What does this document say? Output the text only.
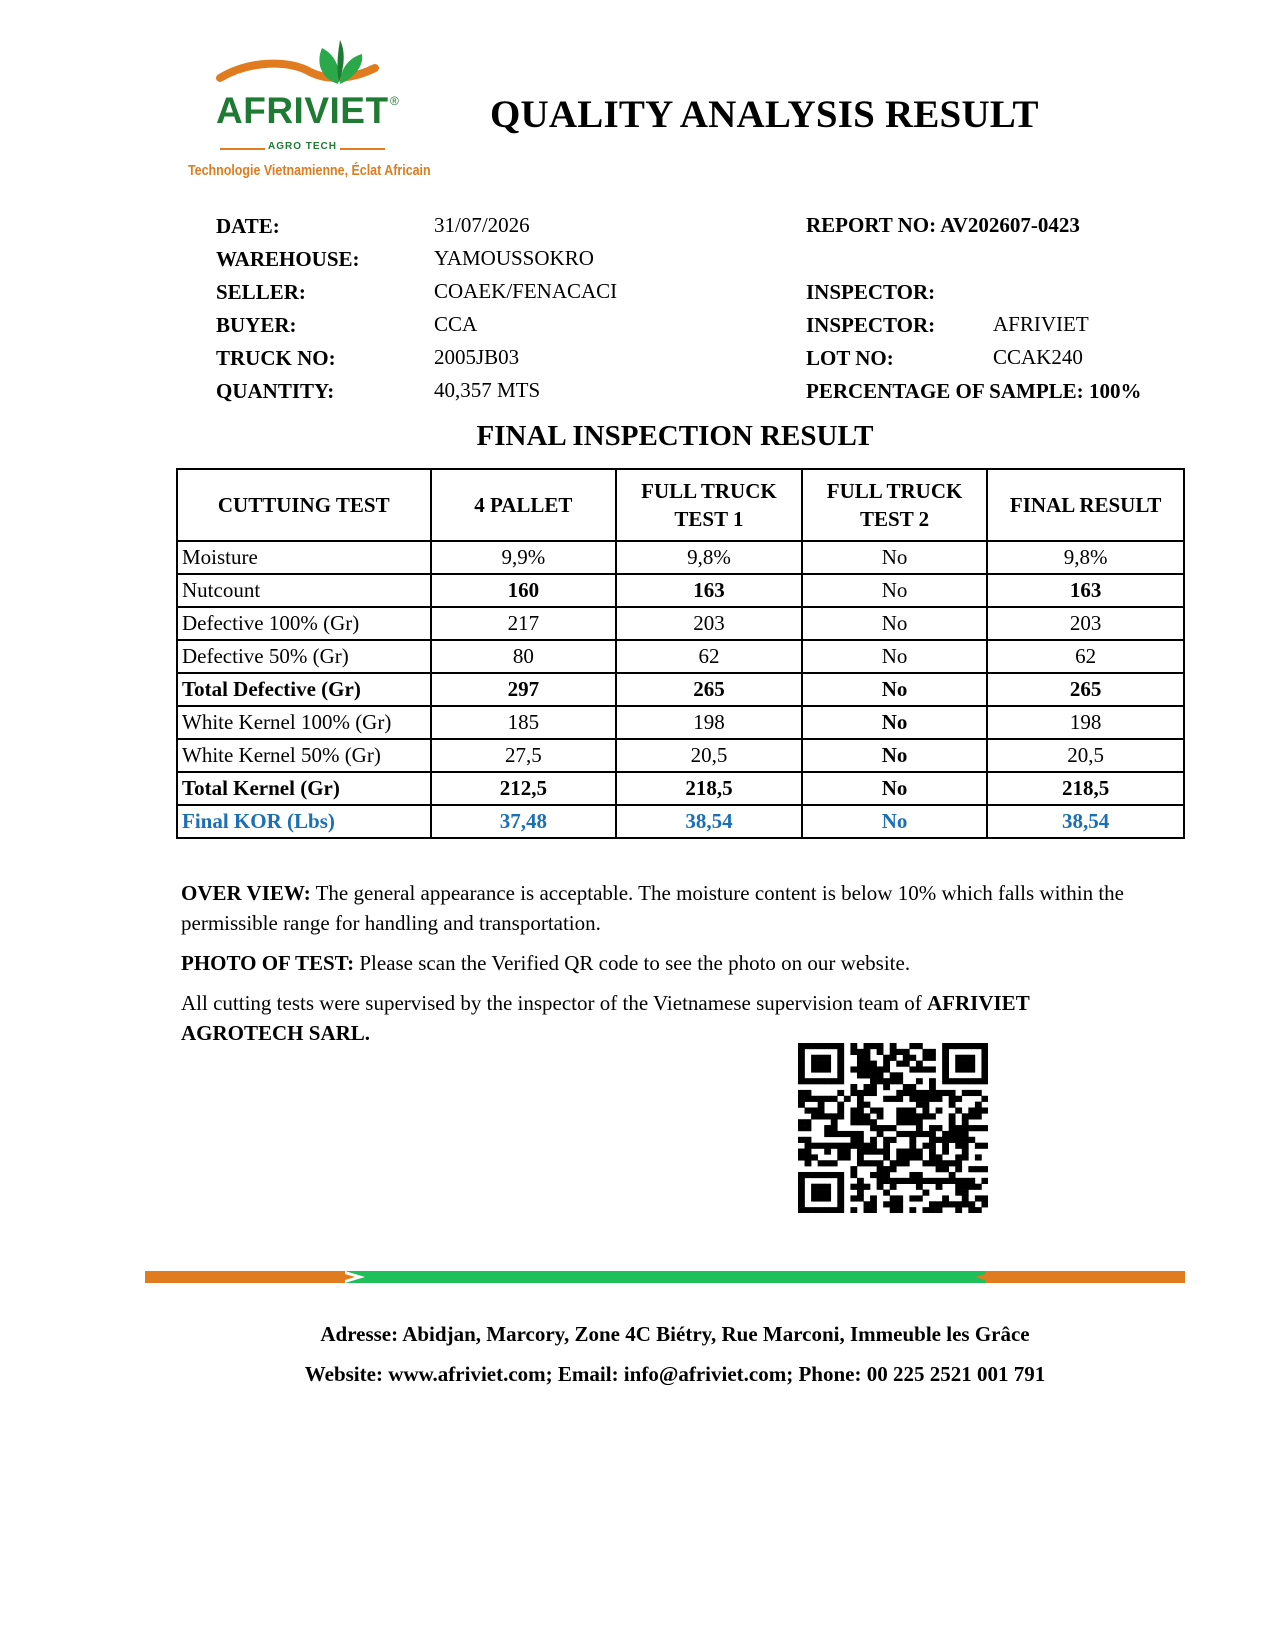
AFRIVIET ®
AGRO TECH
Technologie Vietnamienne, Éclat Africain
QUALITY ANALYSIS RESULT
DATE:	31/07/2026
WAREHOUSE:	YAMOUSSOKRO
SELLER:	COAEK/FENACACI
BUYER:	CCA
TRUCK NO:	2005JB03
QUANTITY:	40,357 MTS
REPORT NO: AV202607-0423
INSPECTOR:
INSPECTOR:	AFRIVIET
LOT NO:	CCAK240
PERCENTAGE OF SAMPLE: 100%
FINAL INSPECTION RESULT
CUTTUING TEST	4 PALLET	FULL TRUCK TEST 1	FULL TRUCK TEST 2	FINAL RESULT
Moisture	9,9%	9,8%	No	9,8%
Nutcount	160	163	No	163
Defective 100% (Gr)	217	203	No	203
Defective 50% (Gr)	80	62	No	62
Total Defective (Gr)	297	265	No	265
White Kernel 100% (Gr)	185	198	No	198
White Kernel 50% (Gr)	27,5	20,5	No	20,5
Total Kernel (Gr)	212,5	218,5	No	218,5
Final KOR (Lbs)	37,48	38,54	No	38,54
OVER VIEW: The general appearance is acceptable. The moisture content is below 10% which falls within the permissible range for handling and transportation.
PHOTO OF TEST: Please scan the Verified QR code to see the photo on our website.
All cutting tests were supervised by the inspector of the Vietnamese supervision team of AFRIVIET AGROTECH SARL.
Adresse: Abidjan, Marcory, Zone 4C Biétry, Rue Marconi, Immeuble les Grâce
Website: www.afriviet.com; Email: info@afriviet.com; Phone: 00 225 2521 001 791
